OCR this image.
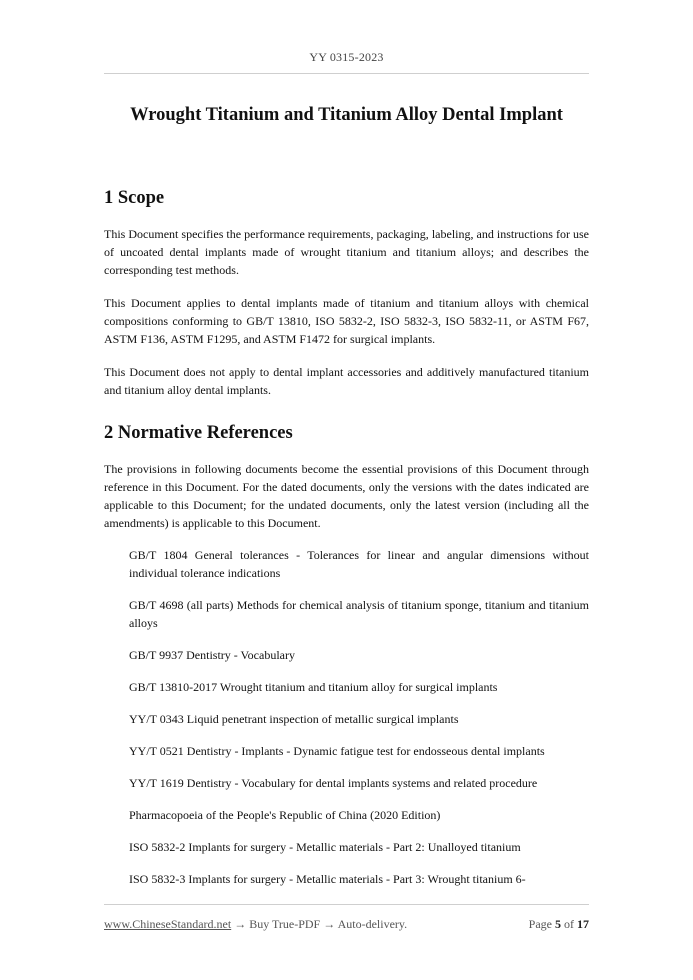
YY 0315-2023
Wrought Titanium and Titanium Alloy Dental Implant
1 Scope

This Document specifies the performance requirements, packaging, labeling, and instructions for use of uncoated dental implants made of wrought titanium and titanium alloys; and describes the corresponding test methods.

This Document applies to dental implants made of titanium and titanium alloys with chemical compositions conforming to GB/T 13810, ISO 5832-2, ISO 5832-3, ISO 5832-11, or ASTM F67, ASTM F136, ASTM F1295, and ASTM F1472 for surgical implants.

This Document does not apply to dental implant accessories and additively manufactured titanium and titanium alloy dental implants.

2 Normative References

The provisions in following documents become the essential provisions of this Document through reference in this Document. For the dated documents, only the versions with the dates indicated are applicable to this Document; for the undated documents, only the latest version (including all the amendments) is applicable to this Document.

GB/T 1804 General tolerances - Tolerances for linear and angular dimensions without individual tolerance indications
GB/T 4698 (all parts) Methods for chemical analysis of titanium sponge, titanium and titanium alloys
GB/T 9937 Dentistry - Vocabulary
GB/T 13810-2017 Wrought titanium and titanium alloy for surgical implants
YY/T 0343 Liquid penetrant inspection of metallic surgical implants
YY/T 0521 Dentistry - Implants - Dynamic fatigue test for endosseous dental implants
YY/T 1619 Dentistry - Vocabulary for dental implants systems and related procedure
Pharmacopoeia of the People's Republic of China (2020 Edition)
ISO 5832-2 Implants for surgery - Metallic materials - Part 2: Unalloyed titanium
ISO 5832-3 Implants for surgery - Metallic materials - Part 3: Wrought titanium 6-
www.ChineseStandard.net → Buy True-PDF → Auto-delivery.	Page 5 of 17
